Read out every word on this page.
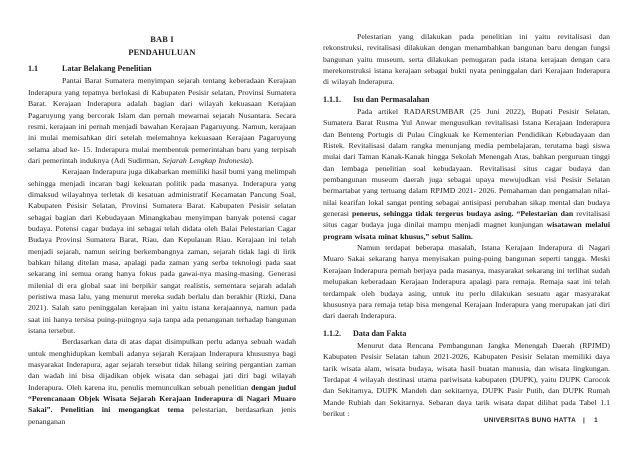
BAB I
PENDAHULUAN
1.1	Latar Belakang Penelitian

Pantai Barat Sumatera menyimpan sejarah tentang keberadaan Kerajaan Inderapura yang tepatnya berlokasi di Kabupaten Pesisir selatan, Provinsi Sumatera Barat. Kerajaan Inderapura adalah bagian dari wilayah kekuasaan Kerajaan Pagaruyung yang bercorak Islam dan pernah mewarnai sejarah Nusantara. Secara resmi, kerajaan ini pernah menjadi bawahan Kerajaan Pagaruyung. Namun, kerajaan ini mulai memisahkan diri setelah melemahnya kekuasaan Kerajaan Pagaruyung selama abad ke- 15. Inderapura mulai membentuk pemerintahan baru yang terpisah dari pemerintah induknya (Adi Sudirman, Sejarah Lengkap Indonesia).

Kerajaan Inderapura juga dikabarkan memiliki hasil bumi yang melimpah sehingga menjadi incaran bagi kekuatan politik pada masanya. Inderapura yang dimaksud wilayahnya terletak di kesatuan administratif Kecamatan Pancung Soal, Kabupaten Pesisir Selatan, Provinsi Sumatera Barat. Kabupaten Pesisir selatan sebagai bagian dari Kebudayaan Minangkabau menyimpan banyak potensi cagar budaya. Potensi cagar budaya ini sebagai telah didata oleh Balai Pelestarian Cagar Budaya Provinsi Sumatera Barat, Riau, dan Kepulauan Riau. Kerajaan ini telah menjadi sejarah, namun seiring berkembangnya zaman, sejarah tidak lagi di lirik bahkan hilang ditelan masa, apalagi pada zaman yang serba teknologi pada saat sekarang ini semua orang hanya fokus pada gawai-nya masing-masing. Generasi milenial di era global saat ini berpikir sangat realistis, sementara sejarah adalah peristiwa masa lalu, yang menurut mereka sudah berlalu dan berakhir (Rizki, Dana 2021). Salah satu peninggalan kerajaan ini yaitu istana kerajaannya, namun pada saat ini hanya tersisa puing-puingnya saja tanpa ada penanganan terhadap bangunan istana tersebut.

Berdasarkan data di atas dapat disimpulkan perlu adanya sebuah wadah untuk menghidupkan kembali adanya sejarah Kerajaan Inderapura khususnya bagi masyarakat Inderapura, agar sejarah tersebut tidak hilang seiring pergantian zaman dan wadah ini bisa dijadikan objek wisata dan sebagai jati diri bagi wilayah Inderapura. Oleh karena itu, penulis memunculkan sebuah penelitian dengan judul “Perencanaan Objek Wisata Sejarah Kerajaan Inderapura di Nagari Muaro Sakai”. Penelitian ini mengangkat tema pelestarian, berdasarkan jenis penanganan

Pelestarian yang dilakukan pada penelitian ini yaitu revitalisasi dan rekonstruksi, revitalisasi dilakukan dengan menambahkan bangunan baru dengan fungsi bangunan yaitu museum, serta dilakukan pemugaran pada istana kerajaan dengan cara merekonstruksi istana kerajaan sebagai bukti nyata peninggalan dari Kerajaan Inderapura di wilayah Inderapura.

1.1.1.	Isu dan Permasalahan

Pada artikel RADARSUMBAR (25 Juni 2022), Bupati Pesisir Selatan, Sumatera Barat Rusma Yul Anwar mengusulkan revitalisasi Istana Kerajaan Inderapura dan Benteng Portugis di Pulau Cingkuak ke Kementerian Pendidikan Kebudayaan dan Ristek. Revitalisasi dalam rangka menunjang media pembelajaran, terutama bagi siswa mulai dari Taman Kanak-Kanak hingga Sekolah Menengah Atas, bahkan perguruan tinggi dan lembaga penelitian soal kebudayaan. Revitalisasi situs cagar budaya dan pembangunan museum daerah juga sebagai upaya mewujudkan visi Pesisir Selatan bermartabat yang tertuang dalam RPJMD 2021- 2026. Pemahaman dan pengamalan nilai-nilai kearifan lokal sangat penting sebagai antisipasi perubahan sikap mental dan budaya generasi penerus, sehingga tidak tergerus budaya asing. “Pelestarian dan revitalisasi situs cagar budaya juga dinilai mampu menjadi magnet kunjungan wisatawan melalui program wisata minat khusus,” sebut Salim.

Namun terdapat beberapa masalah, Istana Kerajaan Inderapura di Nagari Muaro Sakai sekarang hanya menyisakan puing-puing bangunan seperti tangga. Meski Kerajaan Inderapura pernah berjaya pada masanya, masyarakat sekarang ini terlihat sudah melupakan keberadaan Kerajaan Inderapura apalagi para remaja. Remaja saat ini telah terdampak oleh budaya asing, untuk itu perlu dilakukan sesuatu agar masyarakat khususnya para remaja tetap bisa mengenal Kerajaan Inderapura yang merupakan jati diri dari daerah Inderapura.

1.1.2.	Data dan Fakta

Menurut data Rencana Pembangunan Jangka Menengah Daerah (RPJMD) Kabupaten Pesisir Selatan tahun 2021-2026, Kabupaten Pesisir Selatan memiliki daya tarik wisata alam, wisata budaya, wisata hasil buatan manusia, dan wisata lingkungan. Terdapat 4 wilayah destinasi utama pariwisata kabupaten (DUPK), yaitu DUPK Carocok dan Sekitarnya, DUPK Mandeh dan sekitarnya, DUPK Pasir Putih, dan DUPK Rumah Mande Rubiah dan Sekitarnya. Sebaran daya tarik wisata dapat dilihat pada Tabel 1.1 berikut :

UNIVERSITAS BUNG HATTA | 1
